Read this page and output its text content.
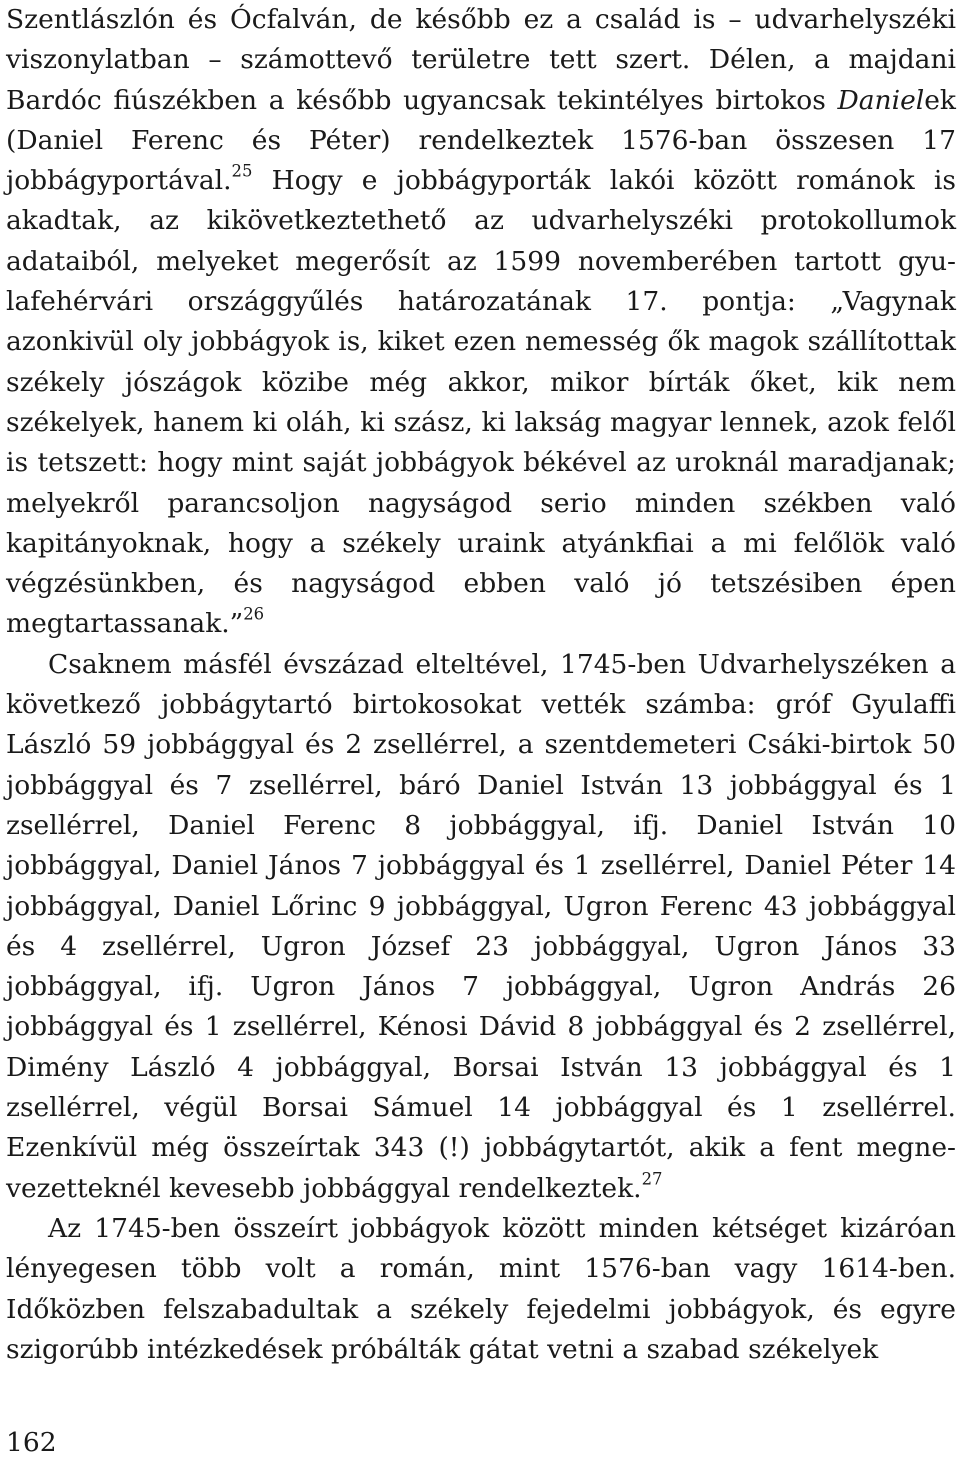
Szentlászlón és Ócfalván, de később ez a család is – udvarhelyszéki viszonylatban – számottevő területre tett szert. Délen, a majdani Bardóc fiúszékben a később ugyancsak tekintélyes birtokos Danielek (Daniel Ferenc és Péter) rendelkeztek 1576-ban összesen 17 jobbágyportával.$^{25}$ Hogy e jobbágyporták lakói között románok is akadtak, az kikövetkeztethető az udvarhelyszéki protokollumok adataiból, melyeket megerősít az 1599 novemberében tartott gyulafehérvári országgyűlés határozatának 17. pontja: „Vagynak azonkivül oly jobbágyok is, kiket ezen nemesség ők magok szállítottak székely jószágok közibe még akkor, mikor bírták őket, kik nem székelyek, hanem ki oláh, ki szász, ki lakság magyar lennek, azok felől is tetszett: hogy mint saját jobbágyok békével az uroknál maradjanak; melyekről parancsoljon nagyságod serio minden székben való kapitányoknak, hogy a székely uraink atyánkfiai a mi felőlök való végzésünkben, és nagyságod ebben való jó tetszésiben épen megtartassanak.”$^{26}$

Csaknem másfél évszázad elteltével, 1745-ben Udvarhelyszéken a következő jobbágytartó birtokosokat vették számba: gróf Gyulaffi László 59 jobbággyal és 2 zsellérrel, a szentdemeteri Csáki-birtok 50 jobbággyal és 7 zsellérrel, báró Daniel István 13 jobbággyal és 1 zsellérrel, Daniel Ferenc 8 jobbággyal, ifj. Daniel István 10 jobbággyal, Daniel János 7 jobbággyal és 1 zsellérrel, Daniel Péter 14 jobbággyal, Daniel Lőrinc 9 jobbággyal, Ugron Ferenc 43 jobbággyal és 4 zsellérrel, Ugron József 23 jobbággyal, Ugron János 33 jobbággyal, ifj. Ugron János 7 jobbággyal, Ugron András 26 jobbággyal és 1 zsellérrel, Kénosi Dávid 8 jobbággyal és 2 zsellérrel, Dimény László 4 jobbággyal, Borsai István 13 jobbággyal és 1 zsellérrel, végül Borsai Sámuel 14 jobbággyal és 1 zsellérrel. Ezenkívül még összeírtak 343 (!) jobbágytartót, akik a fent megnevezetteknél kevesebb jobbággyal rendelkeztek.$^{27}$

Az 1745-ben összeírt jobbágyok között minden kétséget kizáróan lényegesen több volt a román, mint 1576-ban vagy 1614-ben. Időközben felszabadultak a székely fejedelmi jobbágyok, és egyre szigorúbb intézkedések próbálták gátat vetni a szabad székelyek

162
